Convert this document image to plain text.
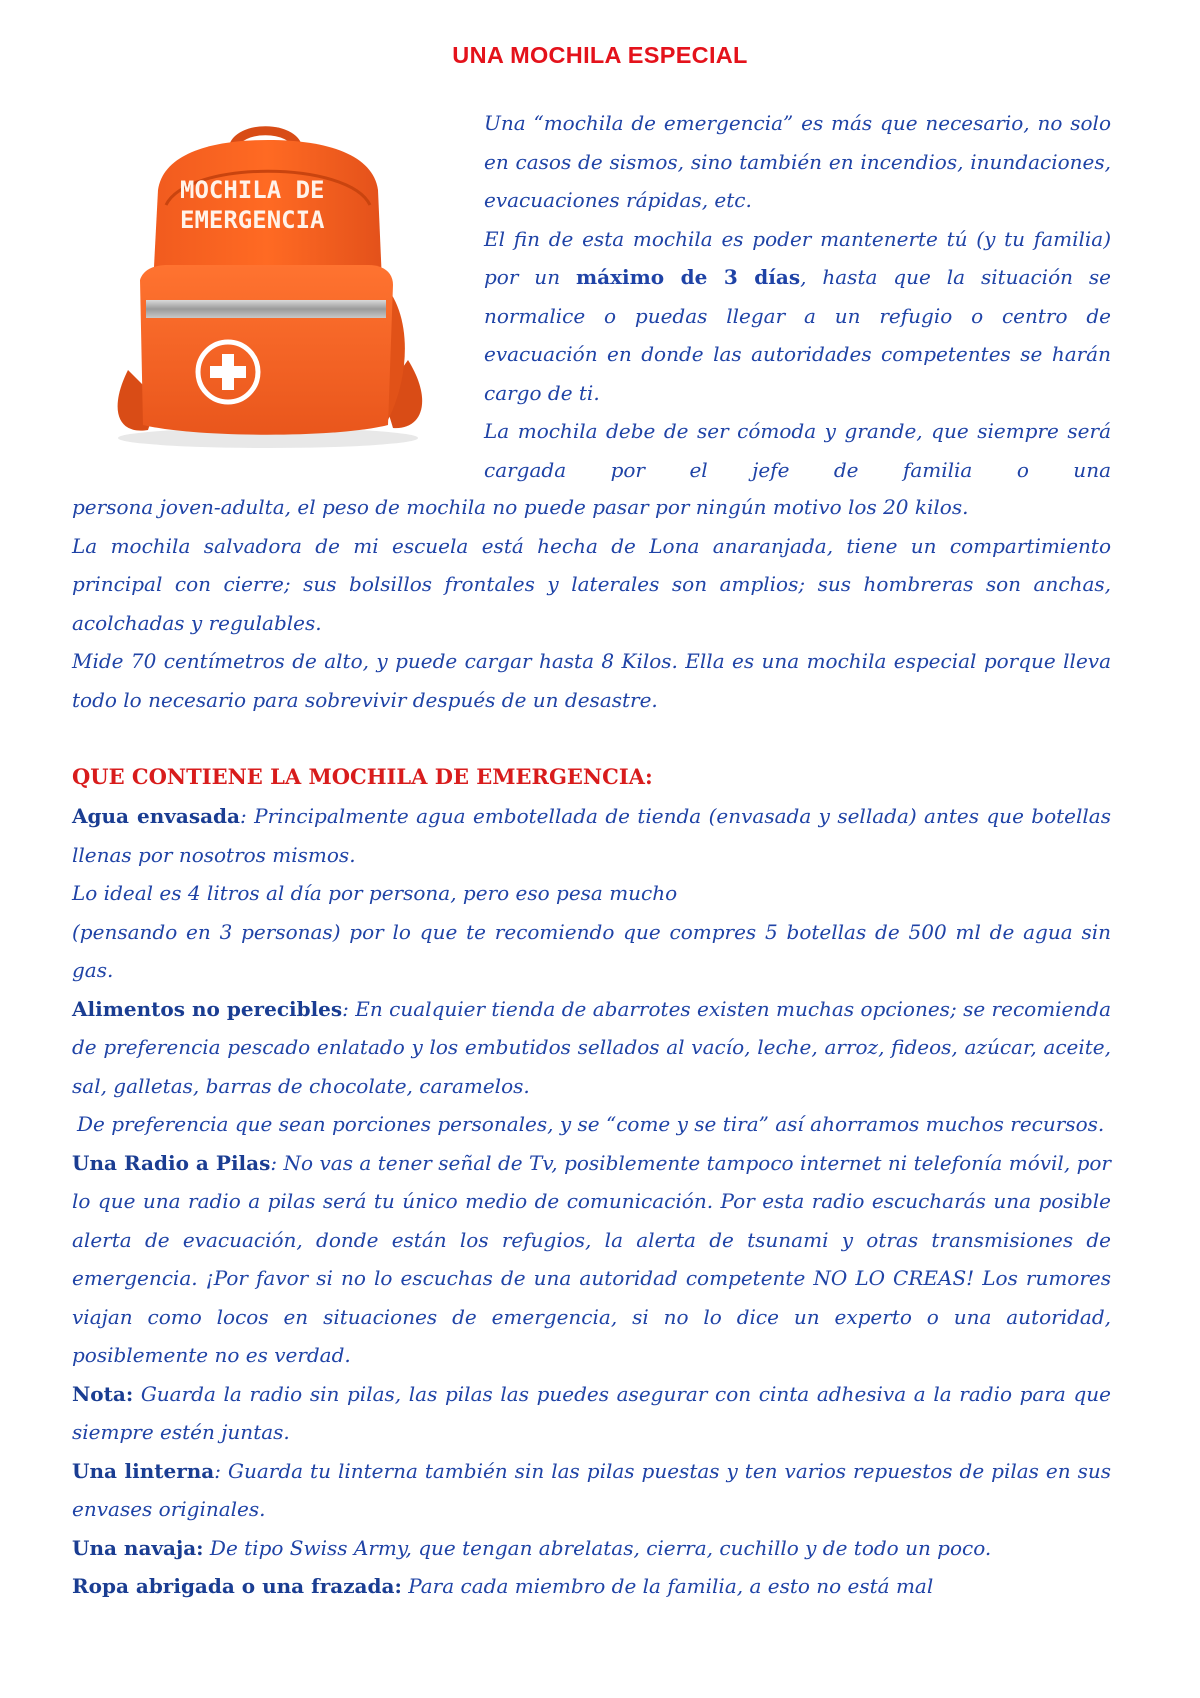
UNA MOCHILA ESPECIAL
MOCHILA DE
EMERGENCIA

Una “mochila de emergencia” es más que necesario, no solo en casos de sismos, sino también en incendios, inundaciones, evacuaciones rápidas, etc.

El fin de esta mochila es poder mantenerte tú (y tu familia) por un máximo de 3 días, hasta que la situación se normalice o puedas llegar a un refugio o centro de evacuación en donde las autoridades competentes se harán cargo de ti.

La mochila debe de ser cómoda y grande, que siempre será cargada por el jefe de familia o una

persona joven-adulta, el peso de mochila no puede pasar por ningún motivo los 20 kilos.

La mochila salvadora de mi escuela está hecha de Lona anaranjada, tiene un compartimiento principal con cierre; sus bolsillos frontales y laterales son amplios; sus hombreras son anchas, acolchadas y regulables.

Mide 70 centímetros de alto, y puede cargar hasta 8 Kilos. Ella es una mochila especial porque lleva todo lo necesario para sobrevivir después de un desastre.

QUE CONTIENE LA MOCHILA DE EMERGENCIA:

Agua envasada: Principalmente agua embotellada de tienda (envasada y sellada) antes que botellas llenas por nosotros mismos.

Lo ideal es 4 litros al día por persona, pero eso pesa mucho

(pensando en 3 personas) por lo que te recomiendo que compres 5 botellas de 500 ml de agua sin gas.

Alimentos no perecibles: En cualquier tienda de abarrotes existen muchas opciones; se recomienda de preferencia pescado enlatado y los embutidos sellados al vacío, leche, arroz, fideos, azúcar, aceite, sal, galletas, barras de chocolate, caramelos.

De preferencia que sean porciones personales, y se “come y se tira” así ahorramos muchos recursos.

Una Radio a Pilas: No vas a tener señal de Tv, posiblemente tampoco internet ni telefonía móvil, por lo que una radio a pilas será tu único medio de comunicación. Por esta radio escucharás una posible alerta de evacuación, donde están los refugios, la alerta de tsunami y otras transmisiones de emergencia. ¡Por favor si no lo escuchas de una autoridad competente NO LO CREAS! Los rumores viajan como locos en situaciones de emergencia, si no lo dice un experto o una autoridad, posiblemente no es verdad.

Nota: Guarda la radio sin pilas, las pilas las puedes asegurar con cinta adhesiva a la radio para que siempre estén juntas.

Una linterna: Guarda tu linterna también sin las pilas puestas y ten varios repuestos de pilas en sus envases originales.

Una navaja: De tipo Swiss Army, que tengan abrelatas, cierra, cuchillo y de todo un poco.

Ropa abrigada o una frazada: Para cada miembro de la familia, a esto no está mal
